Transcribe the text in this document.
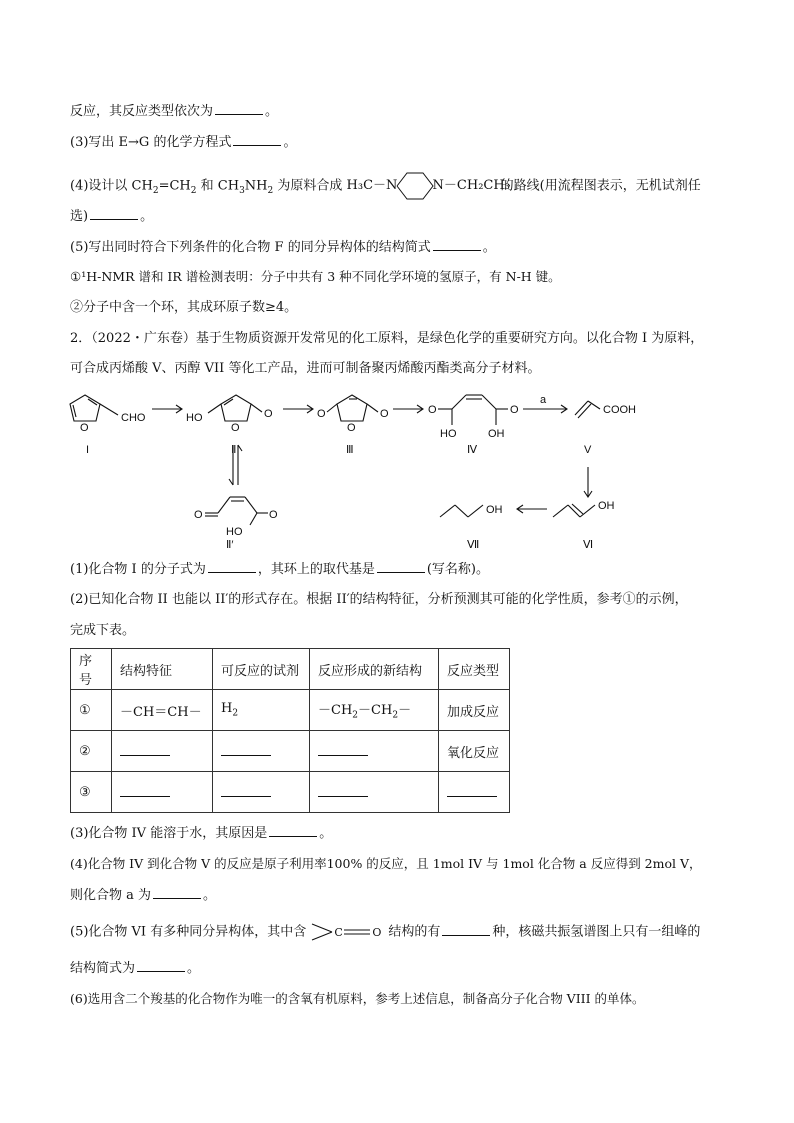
反应，其反应类型依次为	。
(3)写出 E→G 的化学方程式	。
(4)设计以 $CH_2=CH_2$ 和 $CH_3NH_2$ 为原料合成 H₃C－N	N－CH₂CH₃
的路线(用流程图表示，无机试剂任
选)	。
(5)写出同时符合下列条件的化合物 F 的同分异构体的结构简式	。
①¹H-NMR 谱和 IR 谱检测表明：分子中共有 3 种不同化学环境的氢原子，有 N-H 键。
②分子中含一个环，其成环原子数≥4。
2．（2022・广东卷）基于生物质资源开发常见的化工原料，是绿色化学的重要研究方向。以化合物 I 为原料，
可合成丙烯酸 V、丙醇 VII 等化工产品，进而可制备聚丙烯酸丙酯类高分子材料。
CHO
O
I
HO
O
O
Ⅱ
O
O
O
Ⅲ
O	O
HO	OH
Ⅳ
a
COOH
V
O	O
HO
Ⅱ′
OH
Ⅵ
OH
Ⅶ
(1)化合物 I 的分子式为	，其环上的取代基是	(写名称)。
(2)已知化合物 II 也能以 II′的形式存在。根据 II′的结构特征，分析预测其可能的化学性质，参考①的示例，
完成下表。
序号	结构特征	可反应的试剂	反应形成的新结构	反应类型
①	－CH＝CH－	$H_2$	$-CH_2-CH_2-$	加成反应
②				氧化反应
③				
(3)化合物 IV 能溶于水，其原因是	。
(4)化合物 IV 到化合物 V 的反应是原子利用率100% 的反应，且 1mol IV 与 1mol 化合物 a 反应得到 2mol V，
则化合物 a 为	。
(5)化合物 VI 有多种同分异构体，其中含	C	O 结构的有	种，核磁共振氢谱图上只有一组峰的
结构简式为	。
(6)选用含二个羧基的化合物作为唯一的含氧有机原料，参考上述信息，制备高分子化合物 VIII 的单体。
